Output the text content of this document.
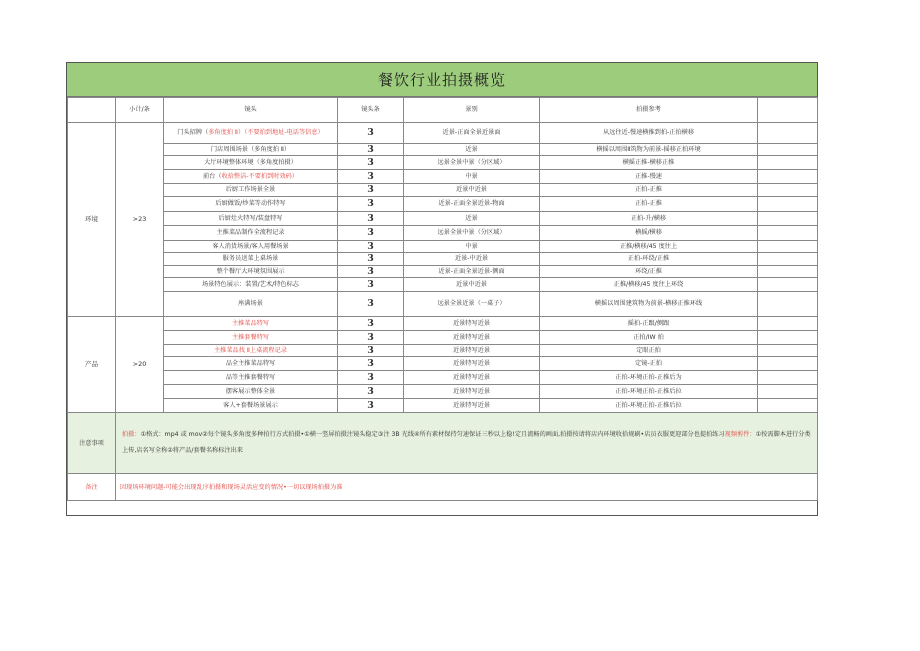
餐饮行业拍摄概览
	小计/条	镜头	镜头条	景别	拍摄参考	
环境	>23	门头招牌（多角度拍 Ⅱ）（不要拍到地址-电话等信息）	3	近景-正面全景近景面	从远往近-慢速横推到拍-正拍横移	
		门店周围场景（多角度拍 Ⅱ）	3	近景	横摇以周围Ⅱ筑物为前景-摇移正拍环境	
		大厅环境整体环境（多角度拍摄）	3	远景全景中景（分区域）	横摇正推-横移正推	
		前台（收拾整洁-不要拍到时效码）	3	中景	正推-慢速	
		后厨工作场景全景	3	近景中近景	正拍-正推	
		后厨做饭/炒菜等动作特写	3	近景-正面全景近景-物面	正拍-正推	
		后厨灶火特写/装盘特写	3	近景	正拍-升/横移	
		主推菜品制作全流程记录	3	远景全景中景（分区域）	横摇/横移	
		客人消货场景/客人用餐场景	3	中景	正推/横移/45 度往上	
		服务员送菜上桌场景	3	近景-中近景	正拍-环绕/正推	
		整个餐厅大环境氛围展示	3	近景-正面全景近景-侧面	环绕/正推	
		场景特色展示：装置/艺术/特色标志	3	近景中近景	正推/横移/45 度往上环绕	
		座满场景	3	远景全景近景（一桌子）	横摇以周围建筑物为前景-横移正推环线	
产品	>20	主推菜品特写	3	近景特写近景	摇拍-正跟/侧跟	
		主推套餐特写	3	近景特写近景	正拍/IW 拍	
		主推菜品找 Ⅱ上桌流程记录	3	近景特写近景	定眼正拍	
		品全主推菜品特写	3	近景特写近景	定镜-正拍	
		品等主推套餐特写	3	近景特写近景	正拍-环境正拍-正推后为	
		摆客展示整体全景	3	近景特写近景	正拍-环境正拍-正推后拉	
		客人+套餐场景展示	3	近景特写近景	正拍-环境正拍-正推后拉	
注意事项	拍摄：①格式：mp4 或 mov②每个镜头多角度多种拍行方式拍摄•①横一竖屏拍摄注镜头稳定③注 3B 光线④所有素材保持匀速保证三秒以上稳!定且流畅的画面,拍摄按请将店内环境收拾规刷•店员衣服更迎部分也提拍练习视频剪件：①按需脚本进行分类上传,店名写全称②将产品/套餐名称标注出来					
备注	因现场环境问题-可能会出现乱序拍摄和现场灵活应变的情况•一切以现场拍摄为准					
